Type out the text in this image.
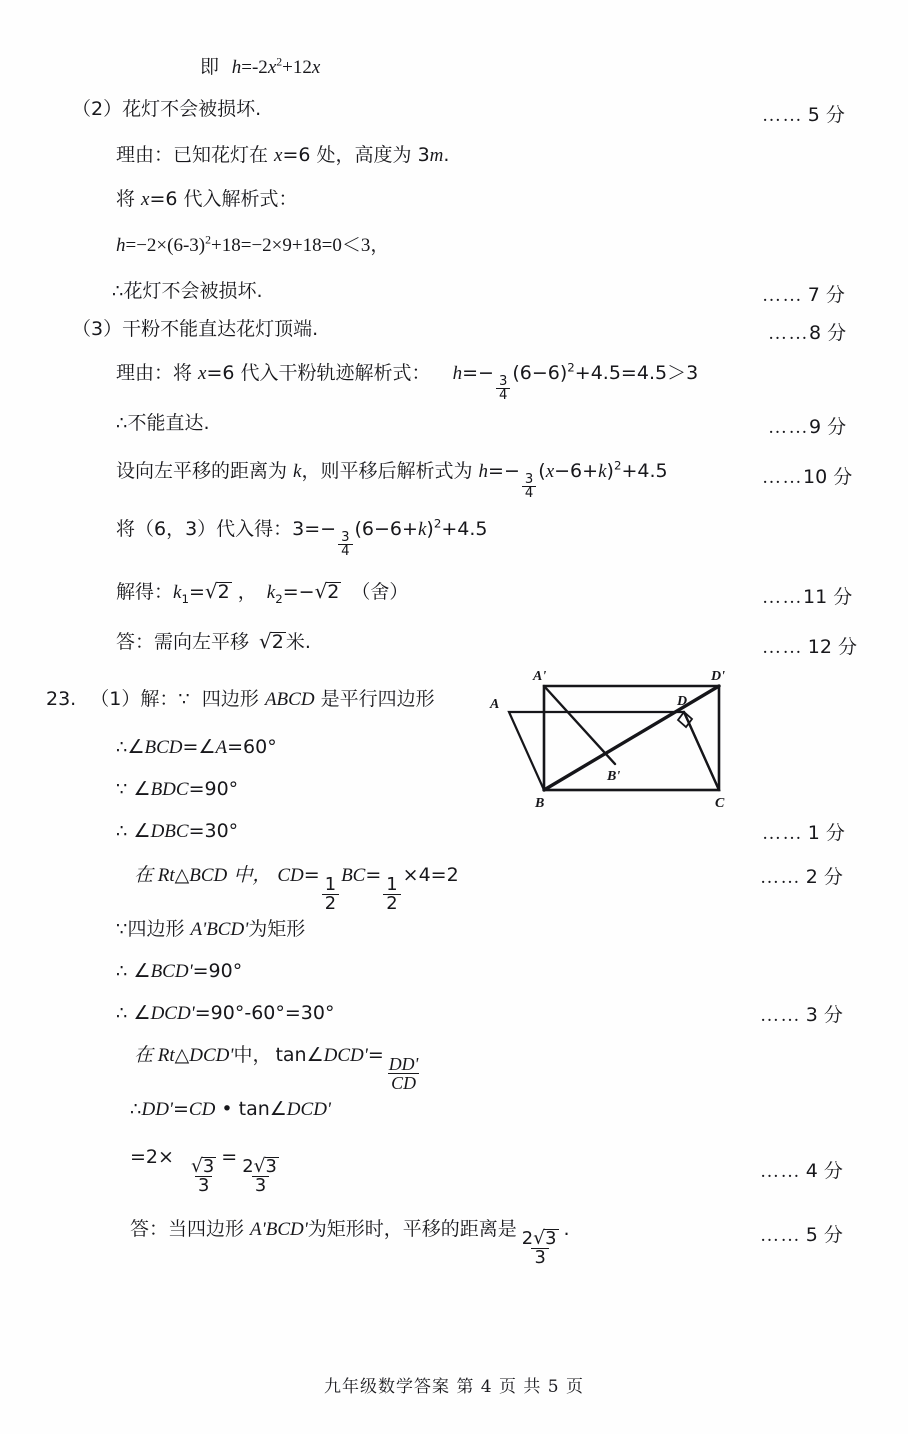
即 $h=-2x^2+12x$
（2）花灯不会被损坏.	…… 5 分
理由：已知花灯在 x=6 处，高度为 3m.
将 x=6 代入解析式：
$h=-2\times(6-3)^2+18=-2\times 9+18=0<3$，
∴花灯不会被损坏.	…… 7 分
（3）干粉不能直达花灯顶端.	……8 分
理由：将 x=6 代入干粉轨迹解析式：  h=−
$\frac{3}{4}$
$(6-6)^2+4.5=4.5>3$
∴不能直达.	……9 分
设向左平移的距离为 k，则平移后解析式为 h=−
$\frac{3}{4}$
$(x-6+k)^2+4.5$	……10 分
将（6，3）代入得：3=−
$\frac{3}{4}$
$(6-6+k)^2+4.5$
解得：$k_1=√2$ ， $k_2=-√2$ （舍）	……11 分
答：需向左平移 √2 米.	…… 12 分
23. （1）解：∵ 四边形 ABCD 是平行四边形
∴∠BCD=∠A=60°
∵ ∠BDC=90°
∴ ∠DBC=30°	…… 1 分
在 Rt△BCD 中， CD=
$\frac{1}{2}$
BC=
$\frac{1}{2}$
×4=2	…… 2 分
∵四边形 A'BCD'为矩形
∴ ∠BCD'=90°
∴ ∠DCD'=90°-60°=30°	…… 3 分
在 Rt△DCD'中， tan∠DCD'=
$\frac{DD'}{CD}$
∴DD'=CD • tan∠DCD'
=2×
$\frac{√3}{3}$
=
$\frac{2√3}{3}$	…… 4 分
答：当四边形 A'BCD'为矩形时，平移的距离是
$\frac{2√3}{3}$
.	…… 5 分
A
B	C
D
A'
B'
D'
九年级数学答案 第 4 页 共 5 页
